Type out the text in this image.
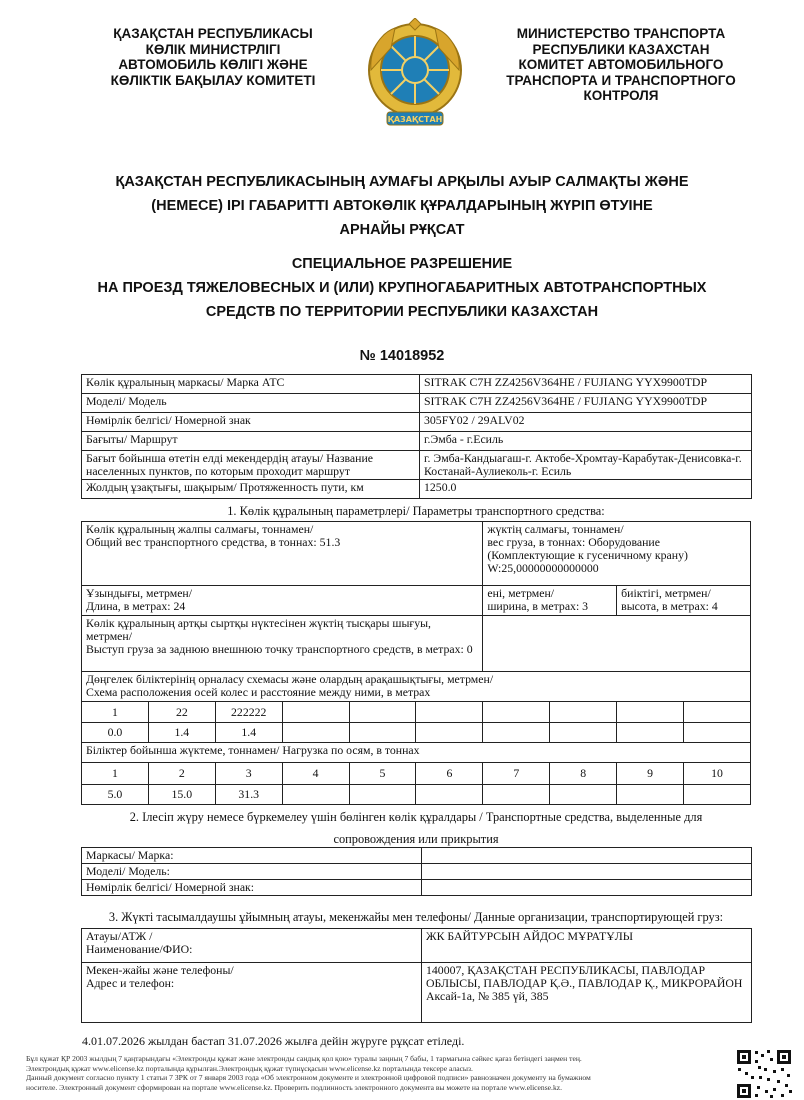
ҚАЗАҚСТАН РЕСПУБЛИКАСЫ
КӨЛІК МИНИСТРЛІГІ
АВТОМОБИЛЬ КӨЛІГІ ЖӘНЕ
КӨЛІКТІК БАҚЫЛАУ КОМИТЕТІ
ҚАЗАҚСТАН
МИНИСТЕРСТВО ТРАНСПОРТА
РЕСПУБЛИКИ КАЗАХСТАН
КОМИТЕТ АВТОМОБИЛЬНОГО
ТРАНСПОРТА И ТРАНСПОРТНОГО
КОНТРОЛЯ
ҚАЗАҚСТАН РЕСПУБЛИКАСЫНЫҢ АУМАҒЫ АРҚЫЛЫ АУЫР САЛМАҚТЫ ЖӘНЕ
(НЕМЕСЕ) ІРІ ГАБАРИТТІ АВТОКӨЛІК ҚҰРАЛДАРЫНЫҢ ЖҮРІП ӨТУІНЕ
АРНАЙЫ РҰҚСАТ
СПЕЦИАЛЬНОЕ РАЗРЕШЕНИЕ
НА ПРОЕЗД ТЯЖЕЛОВЕСНЫХ И (ИЛИ) КРУПНОГАБАРИТНЫХ АВТОТРАНСПОРТНЫХ
СРЕДСТВ ПО ТЕРРИТОРИИ РЕСПУБЛИКИ КАЗАХСТАН
№ 14018952
Көлік құралының маркасы/ Марка АТС	SITRAK C7H ZZ4256V364HE / FUJIANG YYX9900TDP
Моделі/ Модель	SITRAK C7H ZZ4256V364HE / FUJIANG YYX9900TDP
Нөмірлік белгісі/ Номерной знак	305FY02 / 29ALV02
Бағыты/ Маршрут	г.Эмба - г.Есиль
Бағыт бойынша өтетін елді мекендердің атауы/ Название населенных пунктов, по которым проходит маршрут	г. Эмба-Кандыагаш-г. Актобе-Хромтау-Карабутак-Денисовка-г. Костанай-Аулиеколь-г. Есиль
Жолдың ұзақтығы, шақырым/ Протяженность пути, км	1250.0
1. Көлік құралының параметрлері/ Параметры транспортного средства:
Көлік құралының жалпы салмағы, тоннамен/
Общий вес транспортного средства, в тоннах: 51.3						жүктің салмағы, тоннамен/
вес груза, в тоннах: Оборудование (Комплектующие к гусеничному крану)
W:25,00000000000000			
Ұзындығы, метрмен/
Длина, в метрах: 24						ені, метрмен/
ширина, в метрах: 3		биіктігі, метрмен/
высота, в метрах: 4	
Көлік құралының артқы сыртқы нүктесінен жүктің тысқары шығуы, метрмен/
Выступ груза за заднюю внешнюю точку транспортного средств, в метрах: 0									
Дөңгелек біліктерінің орналасу схемасы және олардың арақашықтығы, метрмен/
Схема расположения осей колес и расстояние между ними, в метрах									
1	22	222222							
0.0	1.4	1.4							
Біліктер бойынша жүктеме, тоннамен/ Нагрузка по осям, в тоннах									
1	2	3	4	5	6	7	8	9	10
5.0	15.0	31.3							
2. Ілесіп жүру немесе бүркемелеу үшін бөлінген көлік құралдары / Транспортные средства, выделенные для
сопровождения или прикрытия
Маркасы/ Марка:	
Моделі/ Модель:	
Нөмірлік белгісі/ Номерной знак:	
3. Жүкті тасымалдаушы ұйымның атауы, мекенжайы мен телефоны/ Данные организации, транспортирующей груз:
Атауы/АТЖ /
Наименование/ФИО:	ЖК БАЙТУРСЫН АЙДОС МҰРАТҰЛЫ
Мекен-жайы және телефоны/
Адрес и телефон:	140007, ҚАЗАҚСТАН РЕСПУБЛИКАСЫ, ПАВЛОДАР ОБЛЫСЫ, ПАВЛОДАР Қ.Ә., ПАВЛОДАР Қ., МИКРОРАЙОН Аксай-1а, № 385 үй, 385
4.01.07.2026 жылдан бастап 31.07.2026 жылға дейін жүруге рұқсат етіледі.
Бұл құжат ҚР 2003 жылдың 7 қаңтарындағы «Электронды құжат және электронды сандық қол қою» туралы заңның 7 бабы, 1 тармағына сәйкес қағаз бетіндегі заңмен тең.
Электрондық құжат www.elicense.kz порталында құрылған.Электрондық құжат түпнұсқасын www.elicense.kz порталында тексере аласыз.
Данный документ согласно пункту 1 статьи 7 ЗРК от 7 января 2003 года «Об электронном документе и электронной цифровой подписи» равнозначен документу на бумажном
носителе. Электронный документ сформирован на портале www.elicense.kz. Проверить подлинность электронного документа вы можете на портале www.elicense.kz.
